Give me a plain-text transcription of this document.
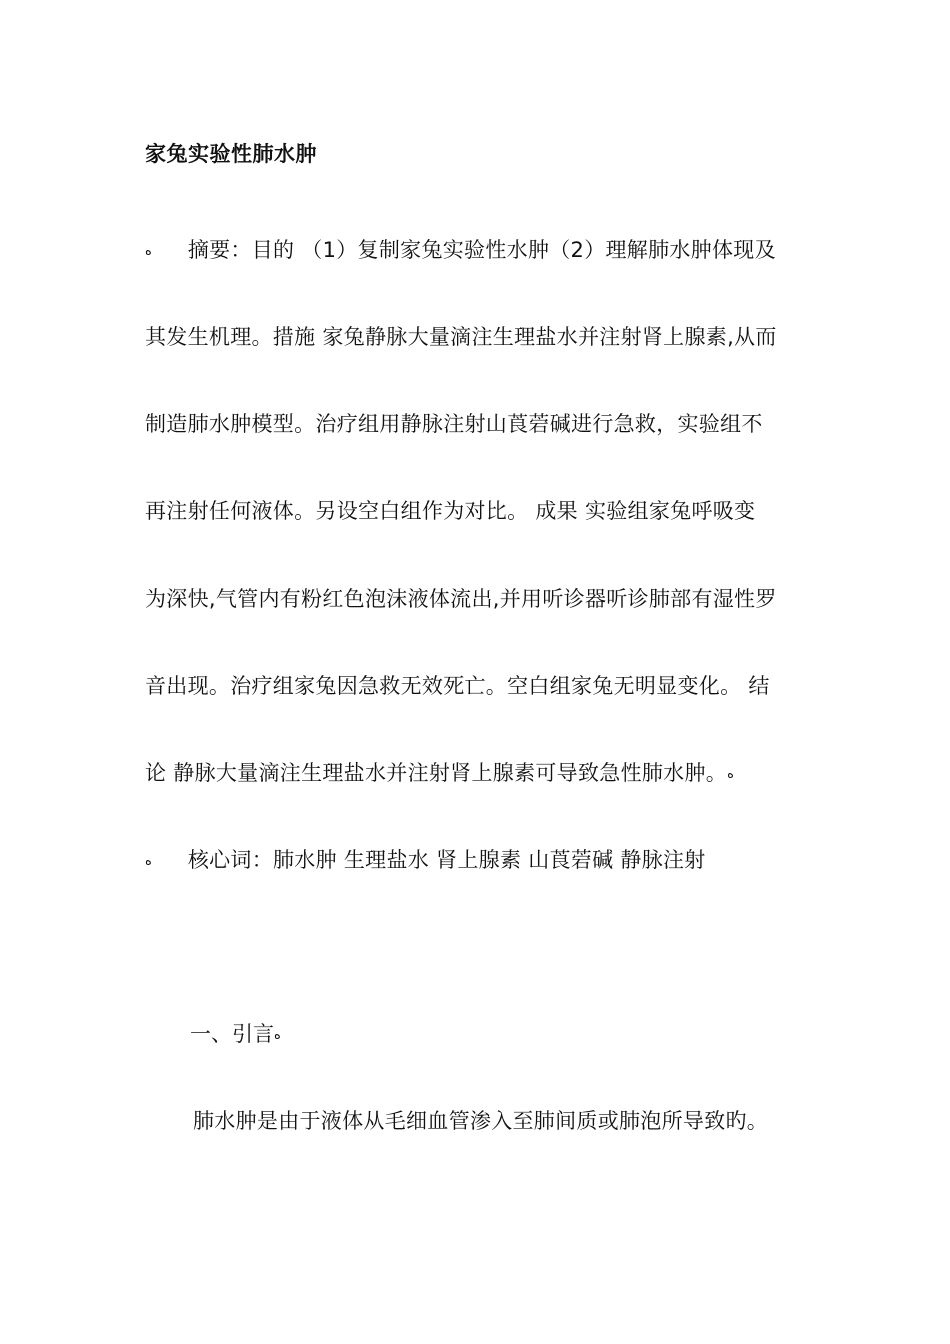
家兔实验性肺水肿
ه 摘要：目的 （1）复制家兔实验性水肿（2）理解肺水肿体现及
其发生机理。措施 家兔静脉大量滴注生理盐水并注射肾上腺素,从而
制造肺水肿模型。治疗组用静脉注射山莨菪碱进行急救，实验组不
再注射任何液体。另设空白组作为对比。 成果 实验组家兔呼吸变
为深快,气管内有粉红色泡沫液体流出,并用听诊器听诊肺部有湿性罗
音出现。治疗组家兔因急救无效死亡。空白组家兔无明显变化。 结
论 静脉大量滴注生理盐水并注射肾上腺素可导致急性肺水肿。ه
ه 核心词：肺水肿 生理盐水 肾上腺素 山莨菪碱 静脉注射
一、引言ه
肺水肿是由于液体从毛细血管渗入至肺间质或肺泡所导致旳。
